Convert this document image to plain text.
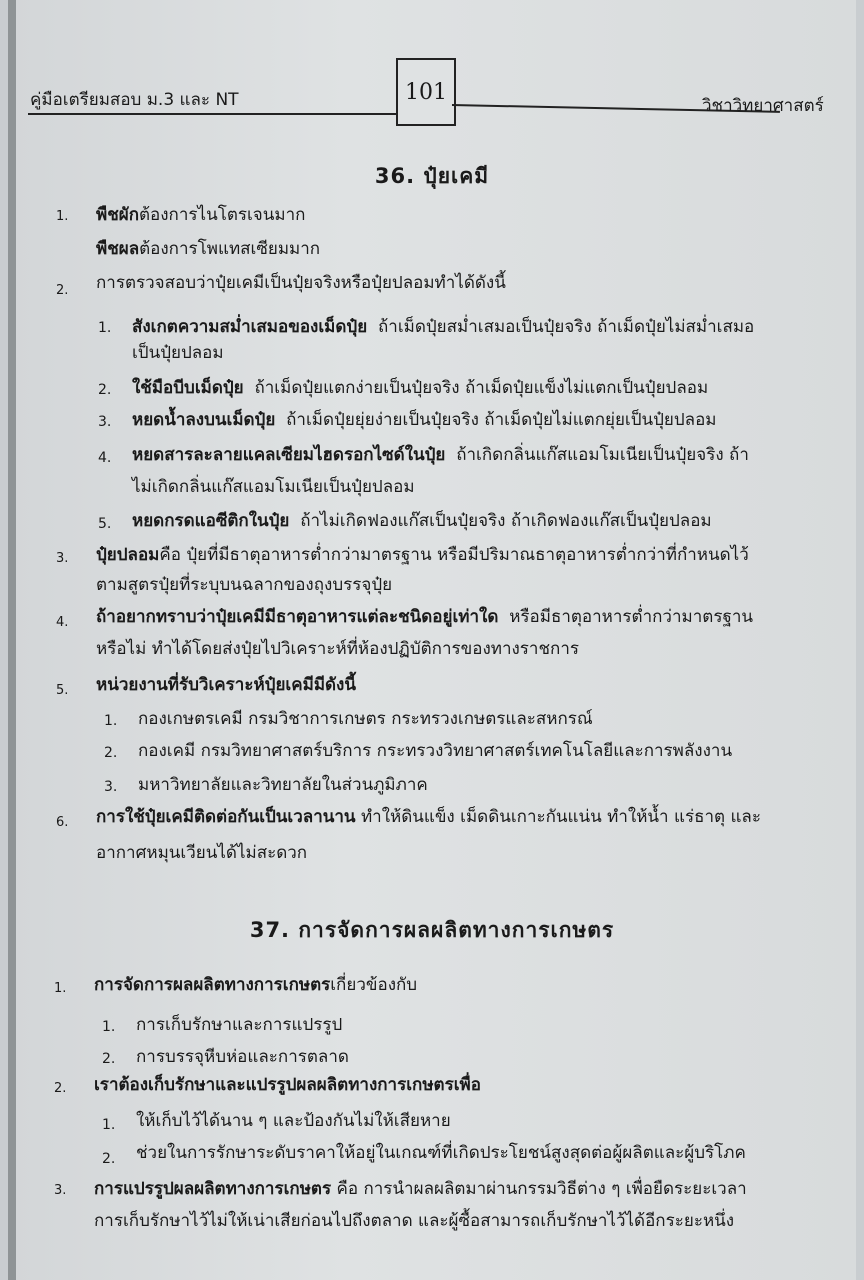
คู่มือเตรียมสอบ ม.3 และ NT	101
วิชาวิทยาศาสตร์
36. ปุ๋ยเคมี
1. พืชผักต้องการไนโตรเจนมาก
พืชผลต้องการโพแทสเซียมมาก
2. การตรวจสอบว่าปุ๋ยเคมีเป็นปุ๋ยจริงหรือปุ๋ยปลอมทำได้ดังนี้
1. สังเกตความสม่ำเสมอของเม็ดปุ๋ย ถ้าเม็ดปุ๋ยสม่ำเสมอเป็นปุ๋ยจริง ถ้าเม็ดปุ๋ยไม่สม่ำเสมอ
เป็นปุ๋ยปลอม
2. ใช้มือบีบเม็ดปุ๋ย ถ้าเม็ดปุ๋ยแตกง่ายเป็นปุ๋ยจริง ถ้าเม็ดปุ๋ยแข็งไม่แตกเป็นปุ๋ยปลอม
3. หยดน้ำลงบนเม็ดปุ๋ย ถ้าเม็ดปุ๋ยยุ่ยง่ายเป็นปุ๋ยจริง ถ้าเม็ดปุ๋ยไม่แตกยุ่ยเป็นปุ๋ยปลอม
4. หยดสารละลายแคลเซียมไฮดรอกไซด์ในปุ๋ย ถ้าเกิดกลิ่นแก๊สแอมโมเนียเป็นปุ๋ยจริง ถ้า
ไม่เกิดกลิ่นแก๊สแอมโมเนียเป็นปุ๋ยปลอม
5. หยดกรดแอซีติกในปุ๋ย ถ้าไม่เกิดฟองแก๊สเป็นปุ๋ยจริง ถ้าเกิดฟองแก๊สเป็นปุ๋ยปลอม
3. ปุ๋ยปลอมคือ ปุ๋ยที่มีธาตุอาหารต่ำกว่ามาตรฐาน หรือมีปริมาณธาตุอาหารต่ำกว่าที่กำหนดไว้
ตามสูตรปุ๋ยที่ระบุบนฉลากของถุงบรรจุปุ๋ย
4. ถ้าอยากทราบว่าปุ๋ยเคมีมีธาตุอาหารแต่ละชนิดอยู่เท่าใด หรือมีธาตุอาหารต่ำกว่ามาตรฐาน
หรือไม่ ทำได้โดยส่งปุ๋ยไปวิเคราะห์ที่ห้องปฏิบัติการของทางราชการ
5. หน่วยงานที่รับวิเคราะห์ปุ๋ยเคมีมีดังนี้
1. กองเกษตรเคมี กรมวิชาการเกษตร กระทรวงเกษตรและสหกรณ์
2. กองเคมี กรมวิทยาศาสตร์บริการ กระทรวงวิทยาศาสตร์เทคโนโลยีและการพลังงาน
3. มหาวิทยาลัยและวิทยาลัยในส่วนภูมิภาค
6. การใช้ปุ๋ยเคมีติดต่อกันเป็นเวลานาน ทำให้ดินแข็ง เม็ดดินเกาะกันแน่น ทำให้น้ำ แร่ธาตุ และ
อากาศหมุนเวียนได้ไม่สะดวก
37. การจัดการผลผลิตทางการเกษตร
1. การจัดการผลผลิตทางการเกษตรเกี่ยวข้องกับ
1. การเก็บรักษาและการแปรรูป
2. การบรรจุหีบห่อและการตลาด
2. เราต้องเก็บรักษาและแปรรูปผลผลิตทางการเกษตรเพื่อ
1. ให้เก็บไว้ได้นาน ๆ และป้องกันไม่ให้เสียหาย
2. ช่วยในการรักษาระดับราคาให้อยู่ในเกณฑ์ที่เกิดประโยชน์สูงสุดต่อผู้ผลิตและผู้บริโภค
3. การแปรรูปผลผลิตทางการเกษตร คือ การนำผลผลิตมาผ่านกรรมวิธีต่าง ๆ เพื่อยืดระยะเวลา
การเก็บรักษาไว้ไม่ให้เน่าเสียก่อนไปถึงตลาด และผู้ซื้อสามารถเก็บรักษาไว้ได้อีกระยะหนึ่ง
